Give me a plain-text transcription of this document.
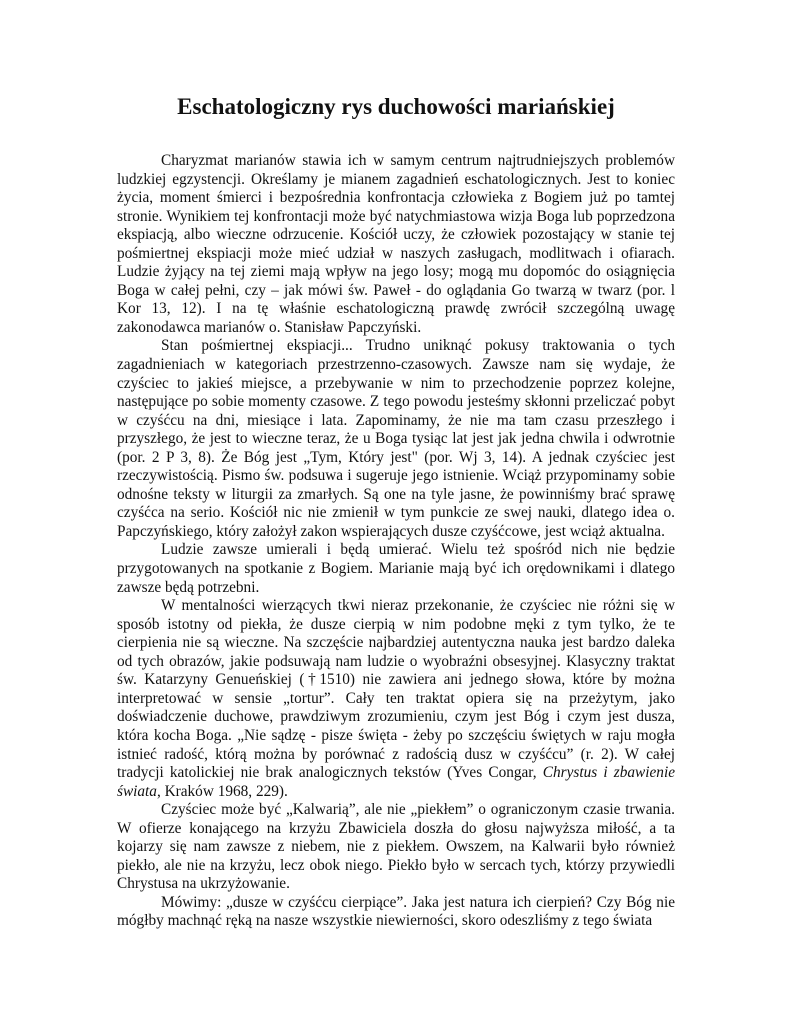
Eschatologiczny rys duchowości mariańskiej

Charyzmat marianów stawia ich w samym centrum najtrudniejszych problemów ludzkiej egzystencji. Określamy je mianem zagadnień eschatologicznych. Jest to koniec życia, moment śmierci i bezpośrednia konfrontacja człowieka z Bogiem już po tamtej stronie. Wynikiem tej konfrontacji może być natychmiastowa wizja Boga lub poprzedzona ekspiacją, albo wieczne odrzucenie. Kościół uczy, że człowiek pozostający w stanie tej pośmiertnej ekspiacji może mieć udział w naszych zasługach, modlitwach i ofiarach. Ludzie żyjący na tej ziemi mają wpływ na jego losy; mogą mu dopomóc do osiągnięcia Boga w całej pełni, czy – jak mówi św. Paweł - do oglądania Go twarzą w twarz (por. l Kor 13, 12). I na tę właśnie eschatologiczną prawdę zwrócił szczególną uwagę zakonodawca marianów o. Stanisław Papczyński.

Stan pośmiertnej ekspiacji... Trudno uniknąć pokusy traktowania o tych zagadnieniach w kategoriach przestrzenno-czasowych. Zawsze nam się wydaje, że czyściec to jakieś miejsce, a przebywanie w nim to przechodzenie poprzez kolejne, następujące po sobie momenty czasowe. Z tego powodu jesteśmy skłonni przeliczać pobyt w czyśćcu na dni, miesiące i lata. Zapominamy, że nie ma tam czasu przeszłego i przyszłego, że jest to wieczne teraz, że u Boga tysiąc lat jest jak jedna chwila i odwrotnie (por. 2 P 3, 8). Że Bóg jest „Tym, Który jest" (por. Wj 3, 14). A jednak czyściec jest rzeczywistością. Pismo św. podsuwa i sugeruje jego istnienie. Wciąż przypominamy sobie odnośne teksty w liturgii za zmarłych. Są one na tyle jasne, że powinniśmy brać sprawę czyśćca na serio. Kościół nic nie zmienił w tym punkcie ze swej nauki, dlatego idea o. Papczyńskiego, który założył zakon wspierających dusze czyśćcowe, jest wciąż aktualna.

Ludzie zawsze umierali i będą umierać. Wielu też spośród nich nie będzie przygotowanych na spotkanie z Bogiem. Marianie mają być ich orędownikami i dlatego zawsze będą potrzebni.

W mentalności wierzących tkwi nieraz przekonanie, że czyściec nie różni się w sposób istotny od piekła, że dusze cierpią w nim podobne męki z tym tylko, że te cierpienia nie są wieczne. Na szczęście najbardziej autentyczna nauka jest bardzo daleka od tych obrazów, jakie podsuwają nam ludzie o wyobraźni obsesyjnej. Klasyczny traktat św. Katarzyny Genueńskiej (†1510) nie zawiera ani jednego słowa, które by można interpretować w sensie „tortur”. Cały ten traktat opiera się na przeżytym, jako doświadczenie duchowe, prawdziwym zrozumieniu, czym jest Bóg i czym jest dusza, która kocha Boga. „Nie sądzę - pisze święta - żeby po szczęściu świętych w raju mogła istnieć radość, którą można by porównać z radością dusz w czyśćcu” (r. 2). W całej tradycji katolickiej nie brak analogicznych tekstów (Yves Congar, Chrystus i zbawienie świata, Kraków 1968, 229).

Czyściec może być „Kalwarią”, ale nie „piekłem” o ograniczonym czasie trwania. W ofierze konającego na krzyżu Zbawiciela doszła do głosu najwyższa miłość, a ta kojarzy się nam zawsze z niebem, nie z piekłem. Owszem, na Kalwarii było również piekło, ale nie na krzyżu, lecz obok niego. Piekło było w sercach tych, którzy przywiedli Chrystusa na ukrzyżowanie.

Mówimy: „dusze w czyśćcu cierpiące”. Jaka jest natura ich cierpień? Czy Bóg nie mógłby machnąć ręką na nasze wszystkie niewierności, skoro odeszliśmy z tego świata
